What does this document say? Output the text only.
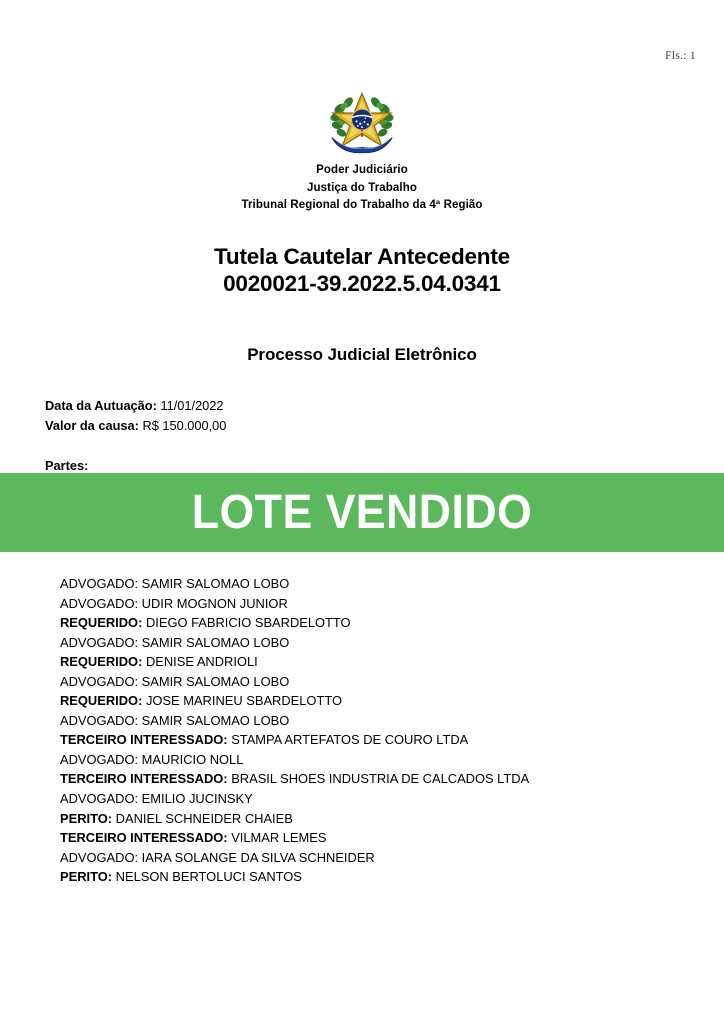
Fls.: 1
Poder Judiciário
Justiça do Trabalho
Tribunal Regional do Trabalho da 4ª Região
Tutela Cautelar Antecedente
0020021-39.2022.5.04.0341
Processo Judicial Eletrônico
Data da Autuação: 11/01/2022
Valor da causa: R$ 150.000,00
Partes:
ADVOGADO: SAMIR SALOMAO LOBO
ADVOGADO: UDIR MOGNON JUNIOR
REQUERIDO: DIEGO FABRICIO SBARDELOTTO
ADVOGADO: SAMIR SALOMAO LOBO
REQUERIDO: DENISE ANDRIOLI
ADVOGADO: SAMIR SALOMAO LOBO
REQUERIDO: JOSE MARINEU SBARDELOTTO
ADVOGADO: SAMIR SALOMAO LOBO
TERCEIRO INTERESSADO: STAMPA ARTEFATOS DE COURO LTDA
ADVOGADO: MAURICIO NOLL
TERCEIRO INTERESSADO: BRASIL SHOES INDUSTRIA DE CALCADOS LTDA
ADVOGADO: EMILIO JUCINSKY
PERITO: DANIEL SCHNEIDER CHAIEB
TERCEIRO INTERESSADO: VILMAR LEMES
ADVOGADO: IARA SOLANGE DA SILVA SCHNEIDER
PERITO: NELSON BERTOLUCI SANTOS
LOTE VENDIDO
